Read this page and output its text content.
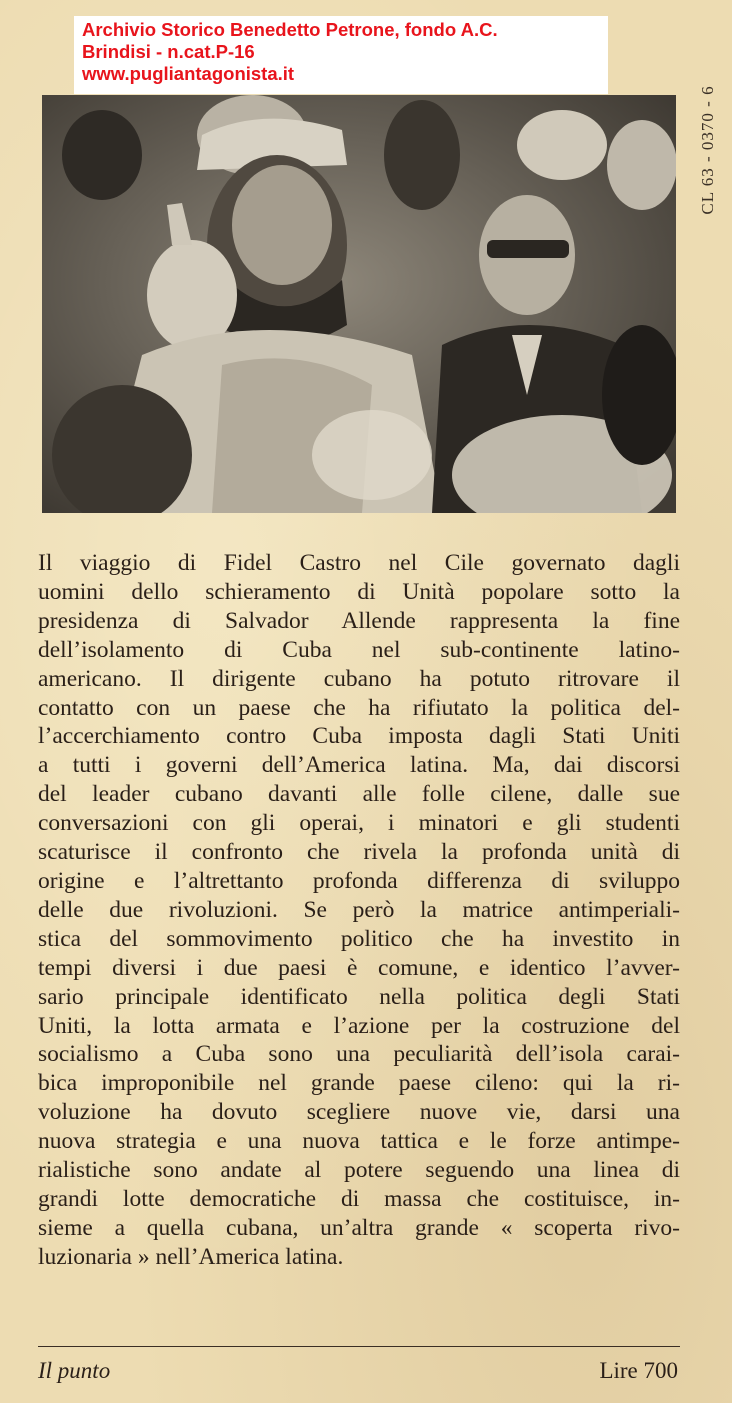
Archivio Storico Benedetto Petrone, fondo A.C.
Brindisi - n.cat.P-16
www.pugliantagonista.it
CL 63 - 0370 - 6
Il viaggio di Fidel Castro nel Cile governato dagli
uomini dello schieramento di Unità popolare sotto la
presidenza di Salvador Allende rappresenta la fine
dell’isolamento di Cuba nel sub-continente latino-
americano. Il dirigente cubano ha potuto ritrovare il
contatto con un paese che ha rifiutato la politica del-
l’accerchiamento contro Cuba imposta dagli Stati Uniti
a tutti i governi dell’America latina. Ma, dai discorsi
del leader cubano davanti alle folle cilene, dalle sue
conversazioni con gli operai, i minatori e gli studenti
scaturisce il confronto che rivela la profonda unità di
origine e l’altrettanto profonda differenza di sviluppo
delle due rivoluzioni. Se però la matrice antimperiali-
stica del sommovimento politico che ha investito in
tempi diversi i due paesi è comune, e identico l’avver-
sario principale identificato nella politica degli Stati
Uniti, la lotta armata e l’azione per la costruzione del
socialismo a Cuba sono una peculiarità dell’isola carai-
bica improponibile nel grande paese cileno: qui la ri-
voluzione ha dovuto scegliere nuove vie, darsi una
nuova strategia e una nuova tattica e le forze antimpe-
rialistiche sono andate al potere seguendo una linea di
grandi lotte democratiche di massa che costituisce, in-
sieme a quella cubana, un’altra grande « scoperta rivo-
luzionaria » nell’America latina.
Il punto	Lire 700
